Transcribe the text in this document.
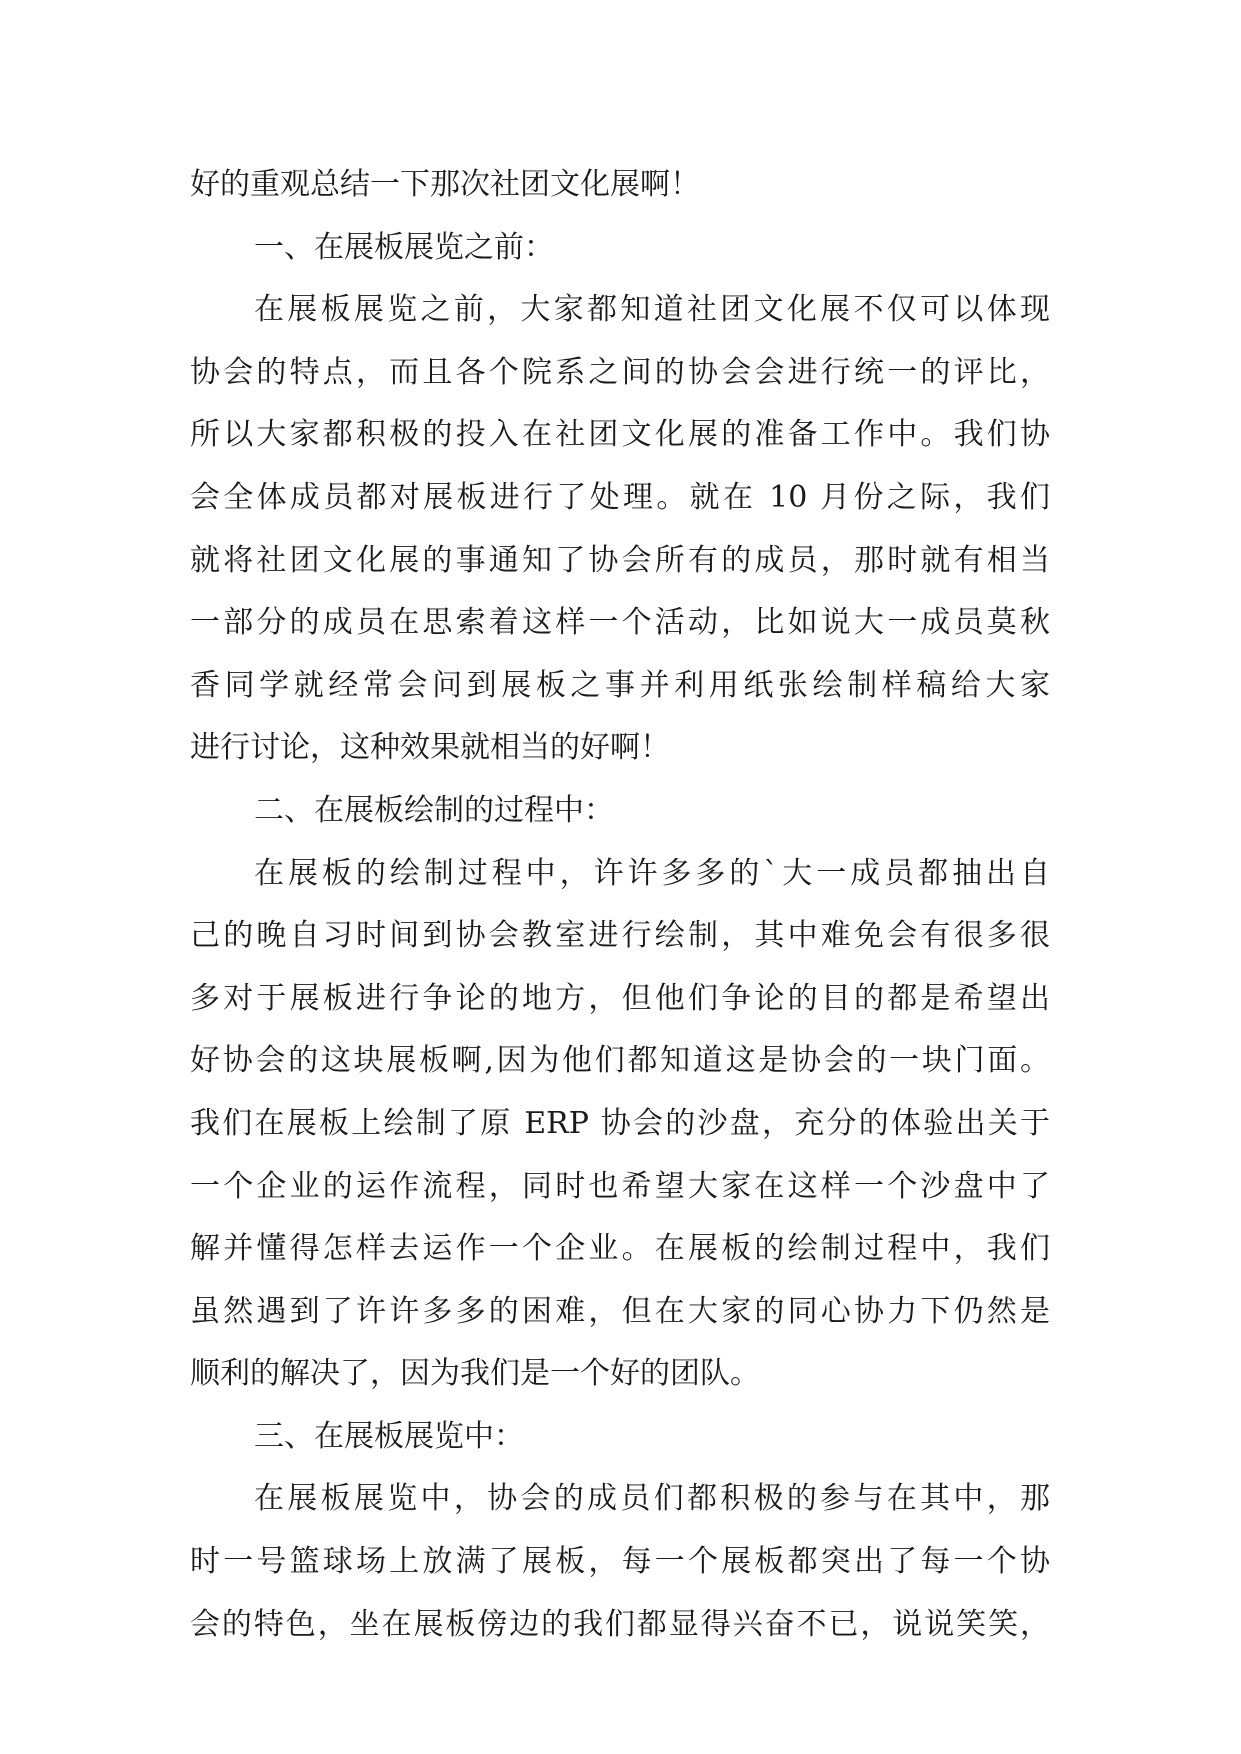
好的重观总结一下那次社团文化展啊！
一、在展板展览之前：
在展板展览之前，大家都知道社团文化展不仅可以体现
协会的特点，而且各个院系之间的协会会进行统一的评比，
所以大家都积极的投入在社团文化展的准备工作中。我们协
会全体成员都对展板进行了处理。就在 10 月份之际，我们
就将社团文化展的事通知了协会所有的成员，那时就有相当
一部分的成员在思索着这样一个活动，比如说大一成员莫秋
香同学就经常会问到展板之事并利用纸张绘制样稿给大家
进行讨论，这种效果就相当的好啊！
二、在展板绘制的过程中：
在展板的绘制过程中，许许多多的`大一成员都抽出自
己的晚自习时间到协会教室进行绘制，其中难免会有很多很
多对于展板进行争论的地方，但他们争论的目的都是希望出
好协会的这块展板啊,因为他们都知道这是协会的一块门面。
我们在展板上绘制了原 ERP 协会的沙盘，充分的体验出关于
一个企业的运作流程，同时也希望大家在这样一个沙盘中了
解并懂得怎样去运作一个企业。在展板的绘制过程中，我们
虽然遇到了许许多多的困难，但在大家的同心协力下仍然是
顺利的解决了，因为我们是一个好的团队。
三、在展板展览中：
在展板展览中，协会的成员们都积极的参与在其中，那
时一号篮球场上放满了展板，每一个展板都突出了每一个协
会的特色，坐在展板傍边的我们都显得兴奋不已，说说笑笑，
